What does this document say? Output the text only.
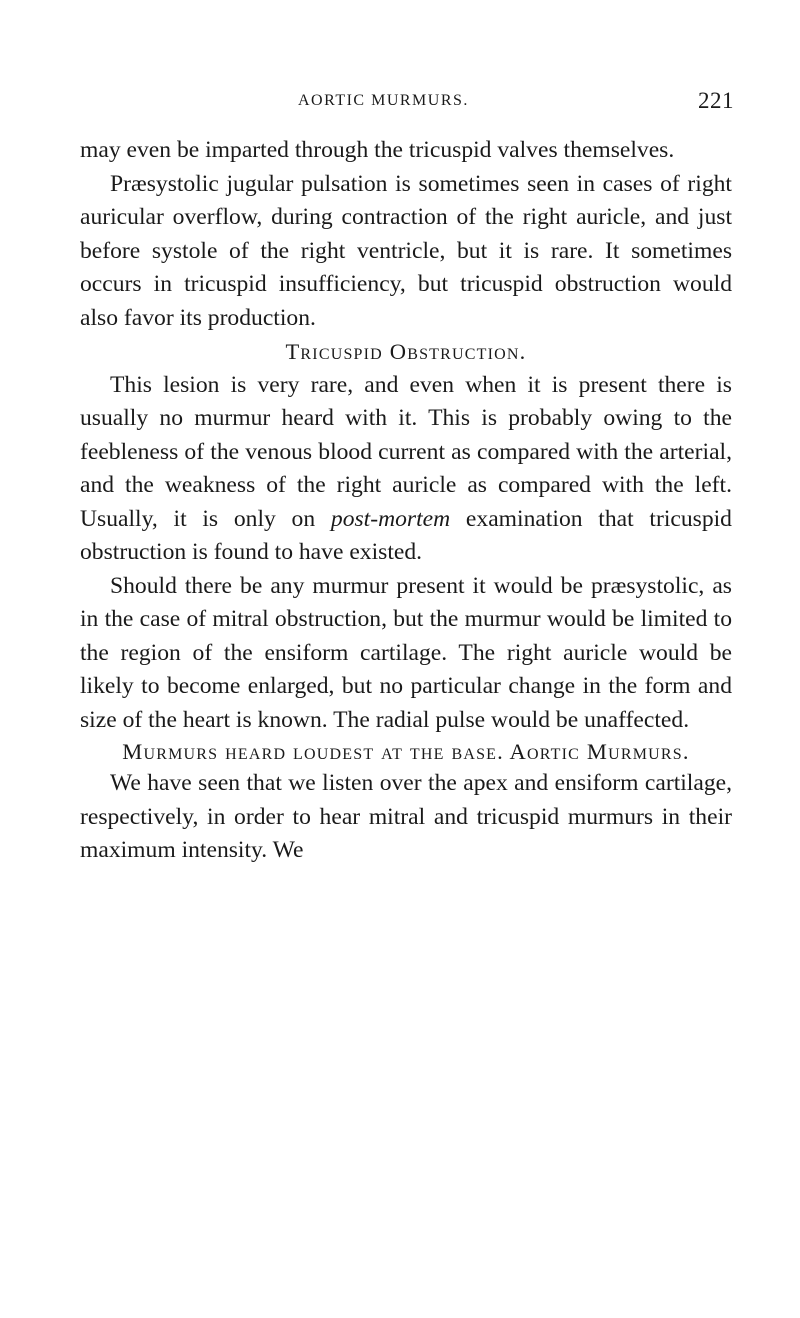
AORTIC MURMURS.	221

may even be imparted through the tricuspid valves themselves.

Præsystolic jugular pulsation is sometimes seen in cases of right auricular overflow, during contraction of the right auricle, and just before systole of the right ventricle, but it is rare. It sometimes occurs in tricuspid insufficiency, but tricuspid obstruction would also favor its production.

Tricuspid Obstruction.

This lesion is very rare, and even when it is present there is usually no murmur heard with it. This is probably owing to the feebleness of the venous blood current as compared with the arterial, and the weakness of the right auricle as compared with the left. Usually, it is only on post-mortem examination that tricuspid obstruction is found to have existed.

Should there be any murmur present it would be præsystolic, as in the case of mitral obstruction, but the murmur would be limited to the region of the ensiform cartilage. The right auricle would be likely to become enlarged, but no particular change in the form and size of the heart is known. The radial pulse would be unaffected.

Murmurs heard loudest at the base. Aortic Murmurs.

We have seen that we listen over the apex and ensiform cartilage, respectively, in order to hear mitral and tricuspid murmurs in their maximum intensity. We
